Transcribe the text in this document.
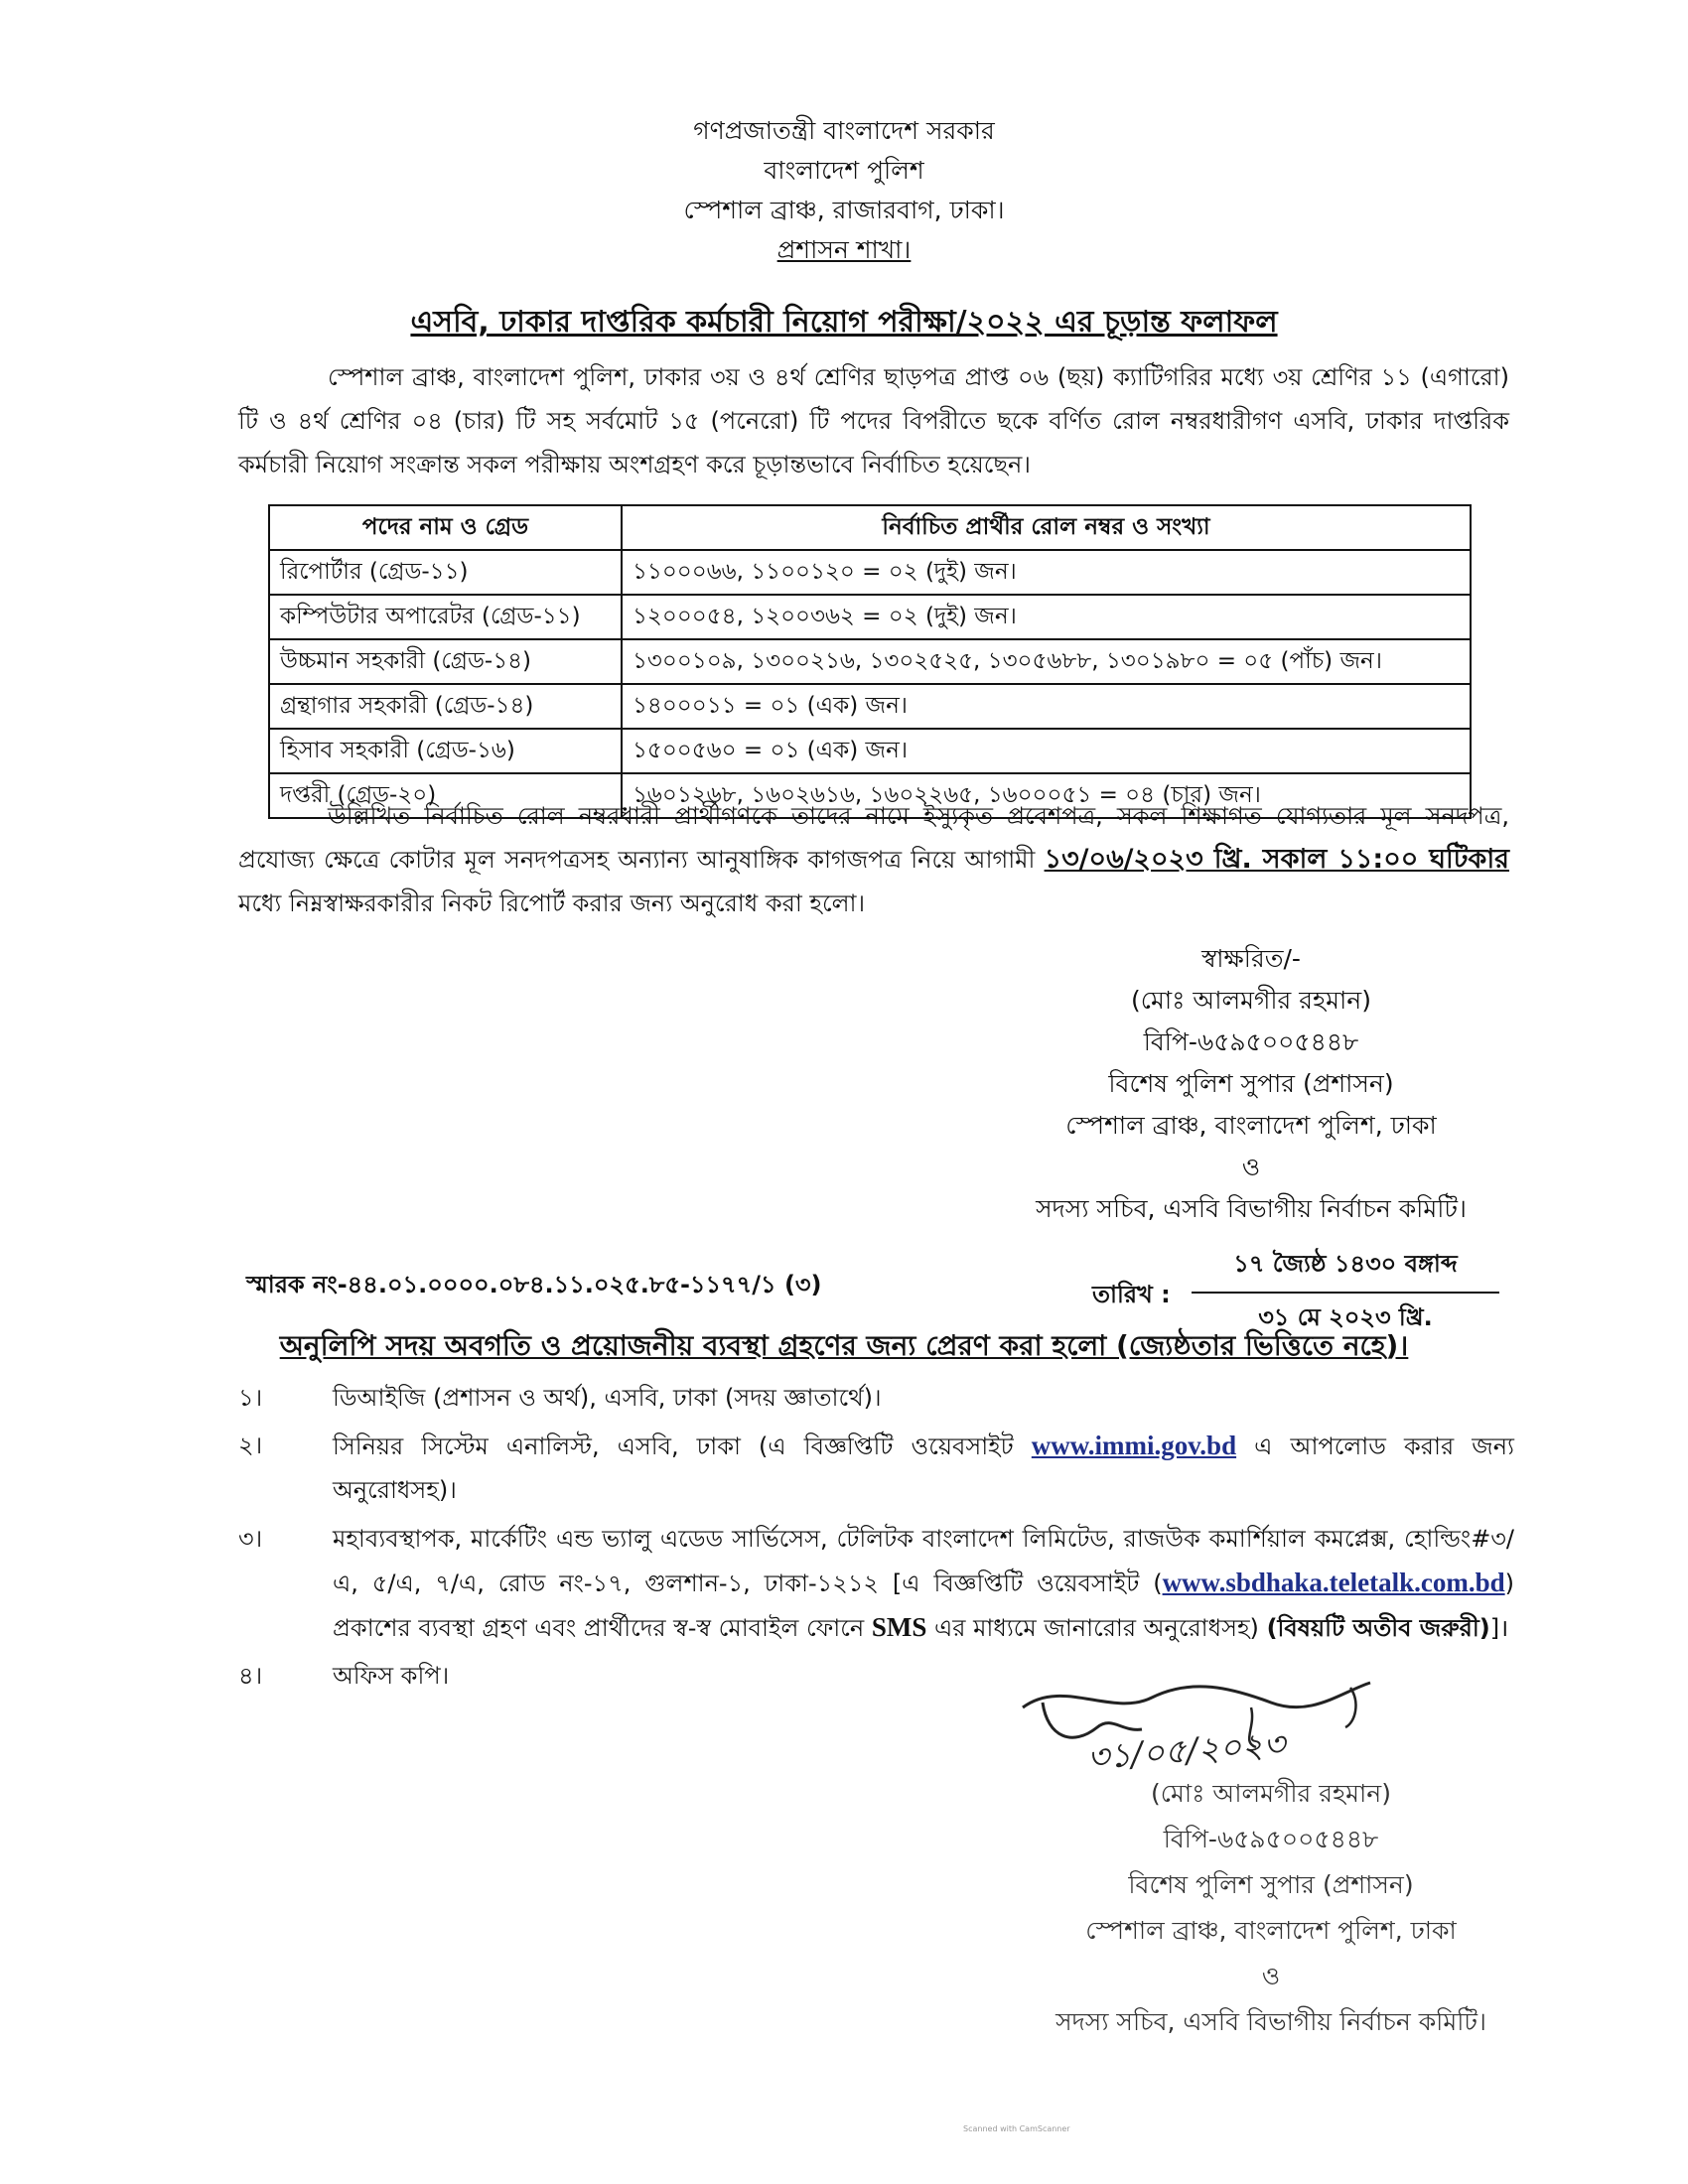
গণপ্রজাতন্ত্রী বাংলাদেশ সরকার
বাংলাদেশ পুলিশ
স্পেশাল ব্রাঞ্চ, রাজারবাগ, ঢাকা।
প্রশাসন শাখা।
এসবি, ঢাকার দাপ্তরিক কর্মচারী নিয়োগ পরীক্ষা/২০২২ এর চূড়ান্ত ফলাফল
স্পেশাল ব্রাঞ্চ, বাংলাদেশ পুলিশ, ঢাকার ৩য় ও ৪র্থ শ্রেণির ছাড়পত্র প্রাপ্ত ০৬ (ছয়) ক্যাটিগরির মধ্যে ৩য় শ্রেণির ১১ (এগারো) টি ও ৪র্থ শ্রেণির ০৪ (চার) টি সহ সর্বমোট ১৫ (পনেরো) টি পদের বিপরীতে ছকে বর্ণিত রোল নম্বরধারীগণ এসবি, ঢাকার দাপ্তরিক কর্মচারী নিয়োগ সংক্রান্ত সকল পরীক্ষায় অংশগ্রহণ করে চূড়ান্তভাবে নির্বাচিত হয়েছেন।
পদের নাম ও গ্রেড	নির্বাচিত প্রার্থীর রোল নম্বর ও সংখ্যা
রিপোর্টার (গ্রেড-১১)	১১০০০৬৬, ১১০০১২০ = ০২ (দুই) জন।
কম্পিউটার অপারেটর (গ্রেড-১১)	১২০০০৫৪, ১২০০৩৬২ = ০২ (দুই) জন।
উচ্চমান সহকারী (গ্রেড-১৪)	১৩০০১০৯, ১৩০০২১৬, ১৩০২৫২৫, ১৩০৫৬৮৮, ১৩০১৯৮০ = ০৫ (পাঁচ) জন।
গ্রন্থাগার সহকারী (গ্রেড-১৪)	১৪০০০১১ = ০১ (এক) জন।
হিসাব সহকারী (গ্রেড-১৬)	১৫০০৫৬০ = ০১ (এক) জন।
দপ্তরী (গ্রেড-২০)	১৬০১২৬৮, ১৬০২৬১৬, ১৬০২২৬৫, ১৬০০০৫১ = ০৪ (চার) জন।
উল্লিখিত নির্বাচিত রোল নম্বরধারী প্রার্থীগণকে তাদের নামে ইস্যুকৃত প্রবেশপত্র, সকল শিক্ষাগত যোগ্যতার মূল সনদপত্র, প্রযোজ্য ক্ষেত্রে কোটার মূল সনদপত্রসহ অন্যান্য আনুষাঙ্গিক কাগজপত্র নিয়ে আগামী ১৩/০৬/২০২৩ খ্রি. সকাল ১১:০০ ঘটিকার মধ্যে নিম্নস্বাক্ষরকারীর নিকট রিপোর্ট করার জন্য অনুরোধ করা হলো।
স্বাক্ষরিত/-
(মোঃ আলমগীর রহমান)
বিপি-৬৫৯৫০০৫৪৪৮
বিশেষ পুলিশ সুপার (প্রশাসন)
স্পেশাল ব্রাঞ্চ, বাংলাদেশ পুলিশ, ঢাকা
ও
সদস্য সচিব, এসবি বিভাগীয় নির্বাচন কমিটি।
স্মারক নং-৪৪.০১.০০০০.০৮৪.১১.০২৫.৮৫-১১৭৭/১ (৩)	তারিখ :
১৭ জ্যৈষ্ঠ ১৪৩০ বঙ্গাব্দ
৩১ মে ২০২৩ খ্রি.
অনুলিপি সদয় অবগতি ও প্রয়োজনীয় ব্যবস্থা গ্রহণের জন্য প্রেরণ করা হলো (জ্যেষ্ঠতার ভিত্তিতে নহে)।
১।	ডিআইজি (প্রশাসন ও অর্থ), এসবি, ঢাকা (সদয় জ্ঞাতার্থে)।
২।	সিনিয়র সিস্টেম এনালিস্ট, এসবি, ঢাকা (এ বিজ্ঞপ্তিটি ওয়েবসাইট www.immi.gov.bd এ আপলোড করার জন্য অনুরোধসহ)।
৩।	মহাব্যবস্থাপক, মার্কেটিং এন্ড ভ্যালু এডেড সার্ভিসেস, টেলিটক বাংলাদেশ লিমিটেড, রাজউক কমার্শিয়াল কমপ্লেক্স, হোল্ডিং#৩/এ, ৫/এ, ৭/এ, রোড নং-১৭, গুলশান-১, ঢাকা-১২১২ [এ বিজ্ঞপ্তিটি ওয়েবসাইট (www.sbdhaka.teletalk.com.bd) প্রকাশের ব্যবস্থা গ্রহণ এবং প্রার্থীদের স্ব-স্ব মোবাইল ফোনে SMS এর মাধ্যমে জানারোর অনুরোধসহ) (বিষয়টি অতীব জরুরী)]।
৪।	অফিস কপি।
৩১/০৫/২০২৩
(মোঃ আলমগীর রহমান)
বিপি-৬৫৯৫০০৫৪৪৮
বিশেষ পুলিশ সুপার (প্রশাসন)
স্পেশাল ব্রাঞ্চ, বাংলাদেশ পুলিশ, ঢাকা
ও
সদস্য সচিব, এসবি বিভাগীয় নির্বাচন কমিটি।
Scanned with CamScanner
